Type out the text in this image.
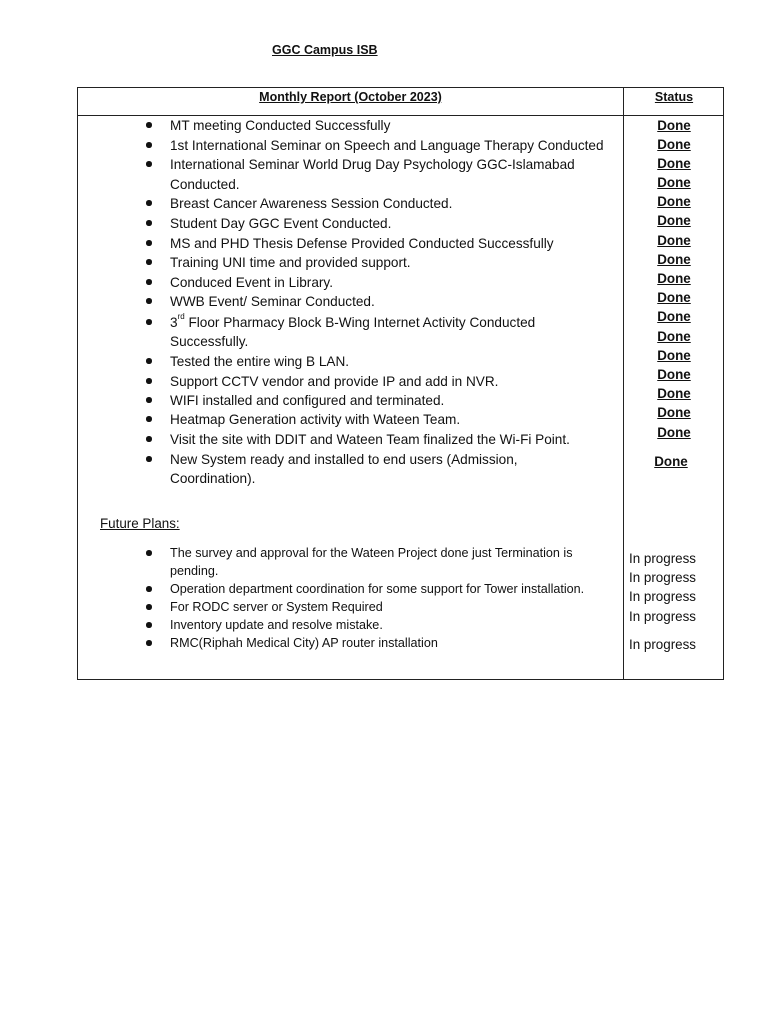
GGC Campus ISB
Monthly Report (October 2023)	Status
MT meeting Conducted Successfully
1st International Seminar on Speech and Language Therapy Conducted
International Seminar World Drug Day Psychology GGC-Islamabad
Conducted.
Breast Cancer Awareness Session Conducted.
Student Day GGC Event Conducted.
MS and PHD Thesis Defense Provided Conducted Successfully
Training UNI time and provided support.
Conduced Event in Library.
WWB Event/ Seminar Conducted.
3rd Floor Pharmacy Block B-Wing Internet Activity Conducted
Successfully.
Tested the entire wing B LAN.
Support CCTV vendor and provide IP and add in NVR.
WIFI installed and configured and terminated.
Heatmap Generation activity with Wateen Team.
Visit the site with DDIT and Wateen Team finalized the Wi-Fi Point.
New System ready and installed to end users (Admission,
Coordination).
Done
Done
Done
Done
Done
Done
Done
Done
Done
Done
Done
Done
Done
Done
Done
Done
Done
Done
Future Plans:
The survey and approval for the Wateen Project done just Termination is
pending.
Operation department coordination for some support for Tower installation.
For RODC server or System Required
Inventory update and resolve mistake.
RMC(Riphah Medical City) AP router installation
In progress
In progress
In progress
In progress
In progress
